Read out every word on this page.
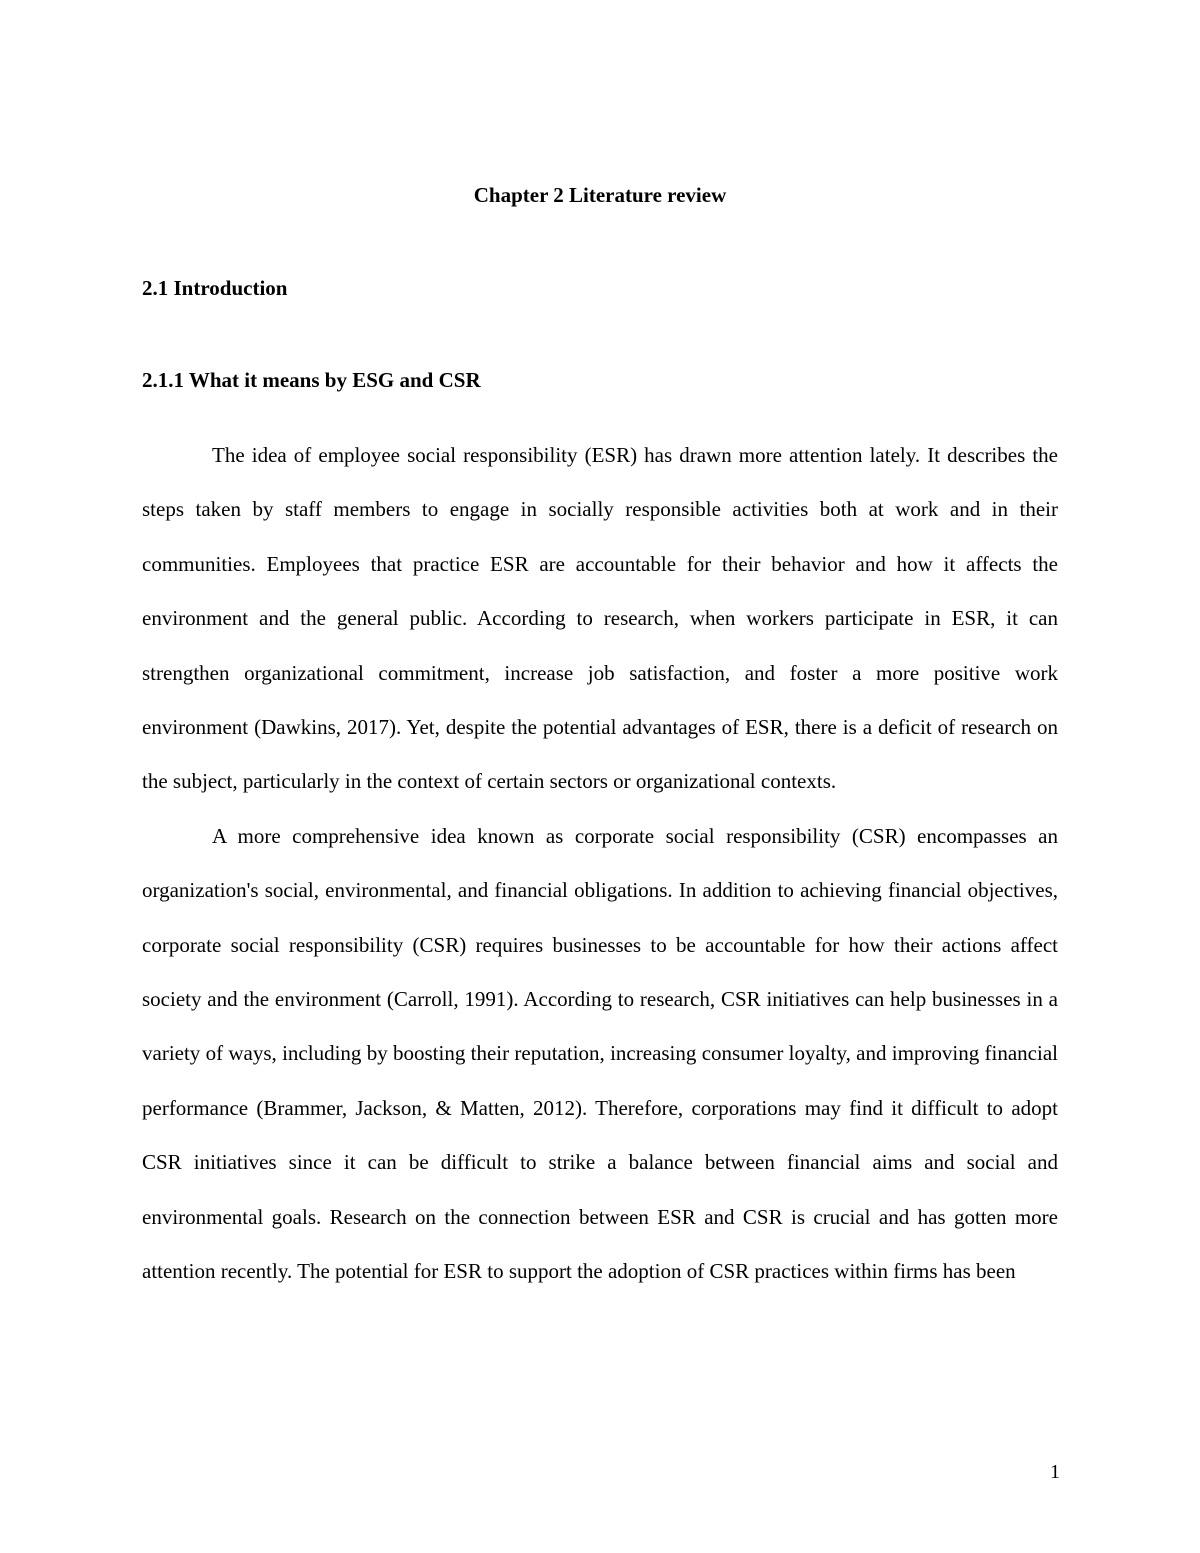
Chapter 2 Literature review
2.1 Introduction
2.1.1 What it means by ESG and CSR

The idea of employee social responsibility (ESR) has drawn more attention lately. It describes the steps taken by staff members to engage in socially responsible activities both at work and in their communities. Employees that practice ESR are accountable for their behavior and how it affects the environment and the general public. According to research, when workers participate in ESR, it can strengthen organizational commitment, increase job satisfaction, and foster a more positive work environment (Dawkins, 2017). Yet, despite the potential advantages of ESR, there is a deficit of research on the subject, particularly in the context of certain sectors or organizational contexts.

A more comprehensive idea known as corporate social responsibility (CSR) encompasses an organization's social, environmental, and financial obligations. In addition to achieving financial objectives, corporate social responsibility (CSR) requires businesses to be accountable for how their actions affect society and the environment (Carroll, 1991). According to research, CSR initiatives can help businesses in a variety of ways, including by boosting their reputation, increasing consumer loyalty, and improving financial performance (Brammer, Jackson, & Matten, 2012). Therefore, corporations may find it difficult to adopt CSR initiatives since it can be difficult to strike a balance between financial aims and social and environmental goals. Research on the connection between ESR and CSR is crucial and has gotten more attention recently. The potential for ESR to support the adoption of CSR practices within firms has been

1
